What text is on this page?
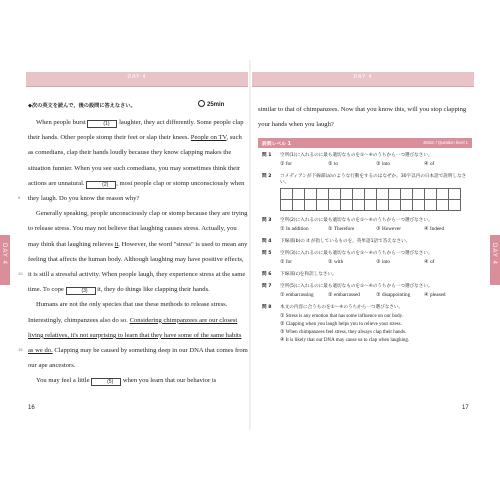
DAY 4
DAY 4
◆次の英文を読んで，後の設問に答えなさい。	25min

When people burst	(1) laughter, they act differently. Some people clap their hands. Other people stomp their feet or slap their knees. People on TV, such as comedians, clap their hands loudly because they know clapping makes the situation funnier. When you see such comedians, you may sometimes think their actions are unnatural.	(2) , most people clap or stomp unconsciously when they laugh. Do you know the reason why?

Generally speaking, people unconsciously clap or stomp because they are trying to release stress. You may not believe that laughing causes stress. Actually, you may think that laughing relieves it. However, the word "stress" is used to mean any feeling that affects the human body. Although laughing may have positive effects, it is still a stressful activity. When people laugh, they experience stress at the same time. To cope	(3) it, they do things like clapping their hands.

Humans are not the only species that use these methods to release stress. Interestingly, chimpanzees also do so. Considering chimpanzees are our closest living relatives, it's not surprising to learn that they have some of the same habits as we do. Clapping may be caused by something deep in our DNA that comes from our ape ancestors.

You may feel a little	(5) when you learn that our behavior is

5
10
15
16
DAY 4
DAY 4
similar to that of chimpanzees. Now that you know this, will you stop clapping your hands when you laugh?
設問レベル 1	25min / Question level 1
問 1	空所(1)に入れるのに最も適切なものを①〜④のうちから一つ選びなさい。
① for	② to	③ into	④ of
問 2	コメディアンが下線部(a)のような行動をするのはなぜか。30字以内の日本語で説明しなさい。
問 3	空所(2)に入れるのに最も適切なものを①〜④のうちから一つ選びなさい。
① In addition	② Therefore	③ However	④ Indeed
問 4	下線部(b)の it が指しているものを，英単語1語で答えなさい。
問 5	空所(3)に入れるのに最も適切なものを①〜④のうちから一つ選びなさい。
① for	② with	③ into	④ of
問 6	下線部(c)を和訳しなさい。
問 7	空所(5)に入れるのに最も適切なものを①〜④のうちから一つ選びなさい。
① embarrassing	② embarrassed	③ disappointing	④ pleased
問 8	本文の内容に合うものを①〜④のうちから一つ選びなさい。
① Stress is any emotion that has some influence on our body.
② Clapping when you laugh helps you to relieve your stress.
③ When chimpanzees feel stress, they always clap their hands.
④ It is likely that our DNA may cause us to clap when laughing.
17
